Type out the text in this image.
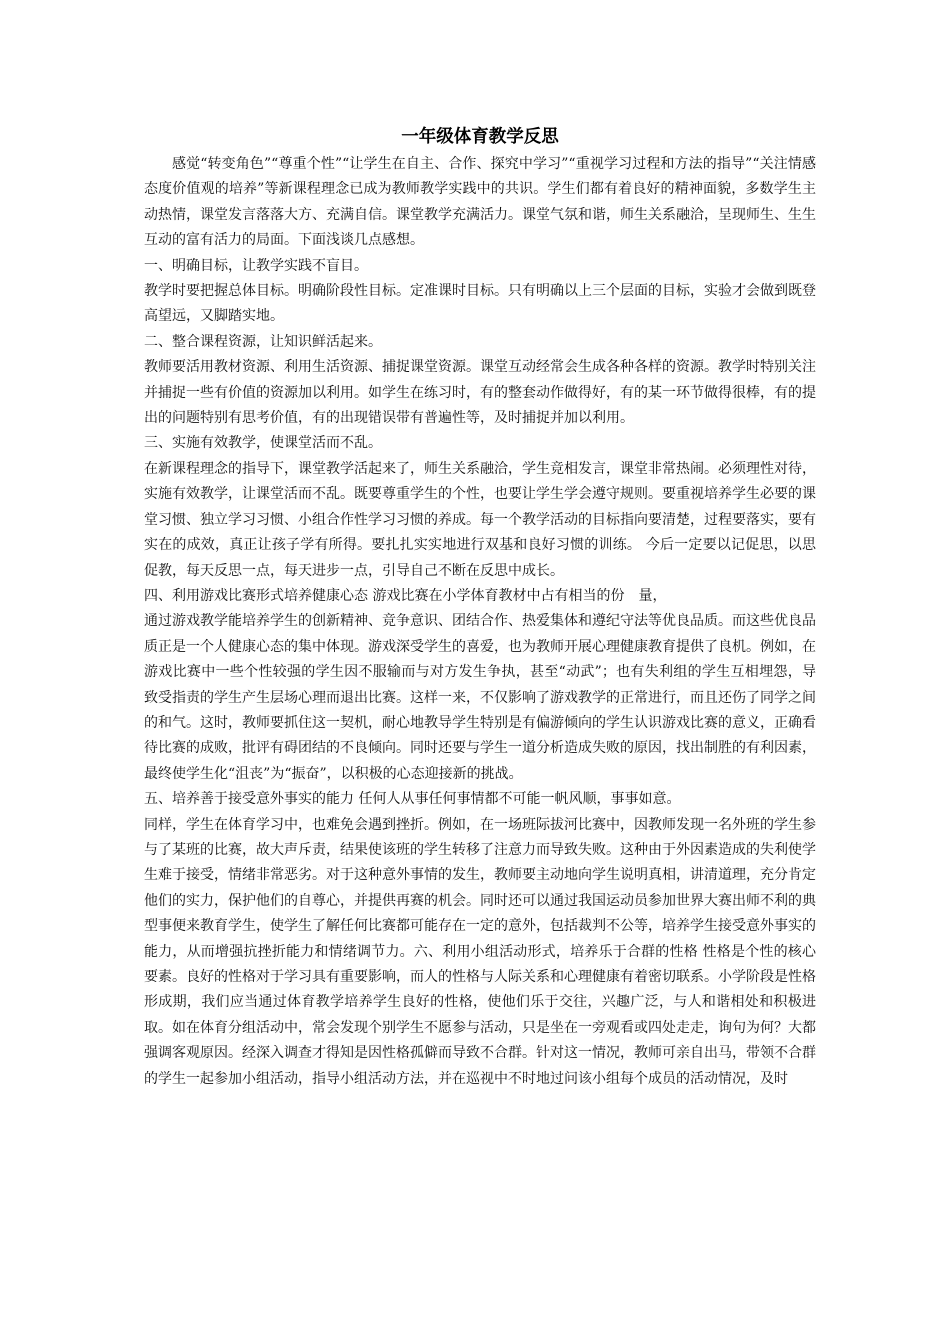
一年级体育教学反思

感觉“转变角色”“尊重个性”“让学生在自主、合作、探究中学习”“重视学习过程和方法的指导”“关注情感态度价值观的培养”等新课程理念已成为教师教学实践中的共识。学生们都有着良好的精神面貌，多数学生主动热情，课堂发言落落大方、充满自信。课堂教学充满活力。课堂气氛和谐，师生关系融洽，呈现师生、生生互动的富有活力的局面。下面浅谈几点感想。

一、明确目标，让教学实践不盲目。

教学时要把握总体目标。明确阶段性目标。定准课时目标。只有明确以上三个层面的目标，实验才会做到既登高望远，又脚踏实地。

二、整合课程资源，让知识鲜活起来。

教师要活用教材资源、利用生活资源、捕捉课堂资源。课堂互动经常会生成各种各样的资源。教学时特别关注并捕捉一些有价值的资源加以利用。如学生在练习时，有的整套动作做得好，有的某一环节做得很棒，有的提出的问题特别有思考价值，有的出现错误带有普遍性等，及时捕捉并加以利用。

三、实施有效教学，使课堂活而不乱。

在新课程理念的指导下，课堂教学活起来了，师生关系融洽，学生竞相发言，课堂非常热闹。必须理性对待，实施有效教学，让课堂活而不乱。既要尊重学生的个性，也要让学生学会遵守规则。要重视培养学生必要的课堂习惯、独立学习习惯、小组合作性学习习惯的养成。每一个教学活动的目标指向要清楚，过程要落实，要有实在的成效，真正让孩子学有所得。要扎扎实实地进行双基和良好习惯的训练。 今后一定要以记促思，以思促教，每天反思一点，每天进步一点，引导自己不断在反思中成长。

四、利用游戏比赛形式培养健康心态 游戏比赛在小学体育教材中占有相当的份　量，

通过游戏教学能培养学生的创新精神、竞争意识、团结合作、热爱集体和遵纪守法等优良品质。而这些优良品质正是一个人健康心态的集中体现。游戏深受学生的喜爱，也为教师开展心理健康教育提供了良机。例如，在游戏比赛中一些个性较强的学生因不服输而与对方发生争执，甚至“动武”；也有失利组的学生互相埋怨，导致受指责的学生产生层场心理而退出比赛。这样一来，不仅影响了游戏教学的正常进行，而且还伤了同学之间的和气。这时，教师要抓住这一契机，耐心地教导学生特别是有偏游倾向的学生认识游戏比赛的意义，正确看待比赛的成败，批评有碍团结的不良倾向。同时还要与学生一道分析造成失败的原因，找出制胜的有利因素，最终使学生化“沮丧”为“振奋”，以积极的心态迎接新的挑战。

五、培养善于接受意外事实的能力 任何人从事任何事情都不可能一帆风顺，事事如意。

同样，学生在体育学习中，也难免会遇到挫折。例如，在一场班际拔河比赛中，因教师发现一名外班的学生参与了某班的比赛，故大声斥责，结果使该班的学生转移了注意力而导致失败。这种由于外因素造成的失利使学生难于接受，情绪非常恶劣。对于这种意外事情的发生，教师要主动地向学生说明真相，讲清道理，充分肯定他们的实力，保护他们的自尊心，并提供再赛的机会。同时还可以通过我国运动员参加世界大赛出师不利的典型事便来教育学生，使学生了解任何比赛都可能存在一定的意外，包括裁判不公等，培养学生接受意外事实的能力，从而增强抗挫折能力和情绪调节力。六、利用小组活动形式，培养乐于合群的性格 性格是个性的核心要素。良好的性格对于学习具有重要影响，而人的性格与人际关系和心理健康有着密切联系。小学阶段是性格形成期，我们应当通过体育教学培养学生良好的性格，使他们乐于交往，兴趣广泛，与人和谐相处和积极进取。如在体育分组活动中，常会发现个别学生不愿参与活动，只是坐在一旁观看或四处走走，询句为何？大都强调客观原因。经深入调查才得知是因性格孤僻而导致不合群。针对这一情况，教师可亲自出马，带领不合群的学生一起参加小组活动，指导小组活动方法，并在巡视中不时地过问该小组每个成员的活动情况，及时
